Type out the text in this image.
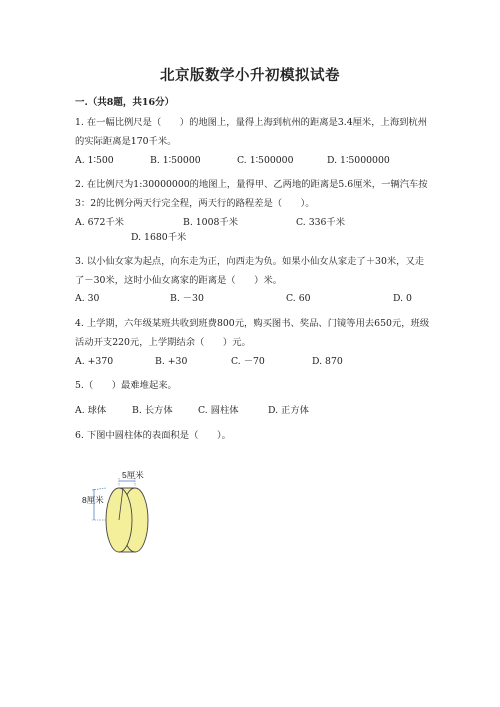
北京版数学小升初模拟试卷
一.（共8题，共16分）
1. 在一幅比例尺是（　　）的地图上，量得上海到杭州的距离是3.4厘米，上海到杭州的实际距离是170千米。
A. 1∶500	B. 1∶50000	C. 1∶500000	D. 1∶5000000
2. 在比例尺为1:30000000的地图上，量得甲、乙两地的距离是5.6厘米，一辆汽车按3：2的比例分两天行完全程，两天行的路程差是（　　）。
A. 672千米	B. 1008千米	C. 336千米
D. 1680千米
3. 以小仙女家为起点，向东走为正，向西走为负。如果小仙女从家走了＋30米，又走了－30米，这时小仙女离家的距离是（　　）米。
A. 30	B. －30	C. 60	D. 0
4. 上学期，六年级某班共收到班费800元，购买图书、奖品、门镜等用去650元，班级活动开支220元，上学期结余（　　）元。
A. +370	B. +30	C. －70	D. 870
5.（　　）最难堆起来。
A. 球体	B. 长方体	C. 圆柱体	D. 正方体
6. 下图中圆柱体的表面积是（　　）。
5厘米
8厘米
